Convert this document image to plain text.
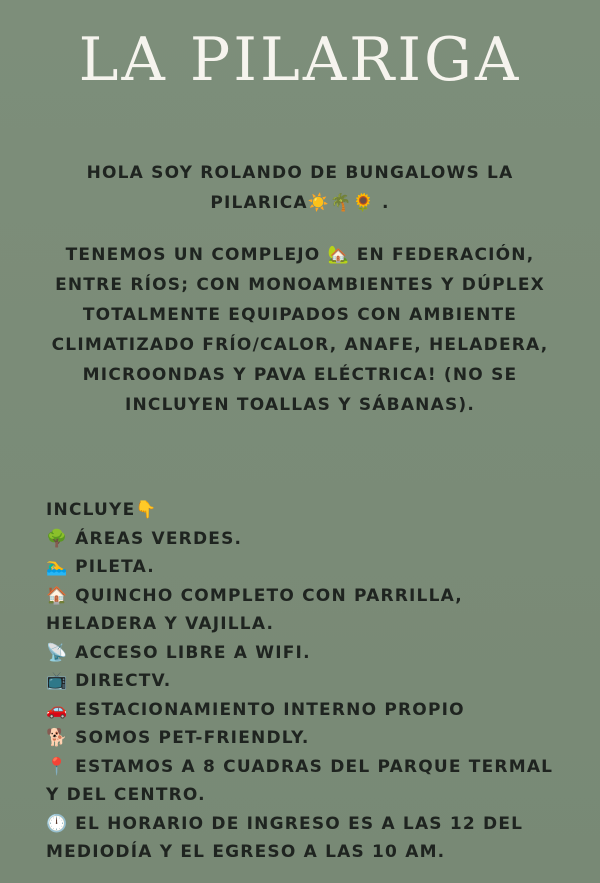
LA PILARIGA
HOLA SOY ROLANDO DE BUNGALOWS LA PILARICA☀️🌴🌻 .
TENEMOS UN COMPLEJO 🏡 EN FEDERACIÓN, ENTRE RÍOS; CON MONOAMBIENTES Y DÚPLEX TOTALMENTE EQUIPADOS CON AMBIENTE CLIMATIZADO FRÍO/CALOR, ANAFE, HELADERA, MICROONDAS Y PAVA ELÉCTRICA! (NO SE INCLUYEN TOALLAS Y SÁBANAS).
INCLUYE👇
🌳 ÁREAS VERDES.
🏊‍♂️ PILETA.
🏠 QUINCHO COMPLETO CON PARRILLA, HELADERA Y VAJILLA.
📡 ACCESO LIBRE A WIFI.
📺 DIRECTV.
🚗 ESTACIONAMIENTO INTERNO PROPIO
🐕 SOMOS PET-FRIENDLY.
📍 ESTAMOS A 8 CUADRAS DEL PARQUE TERMAL Y DEL CENTRO.
🕛 EL HORARIO DE INGRESO ES A LAS 12 DEL MEDIODÍA Y EL EGRESO A LAS 10 AM.
